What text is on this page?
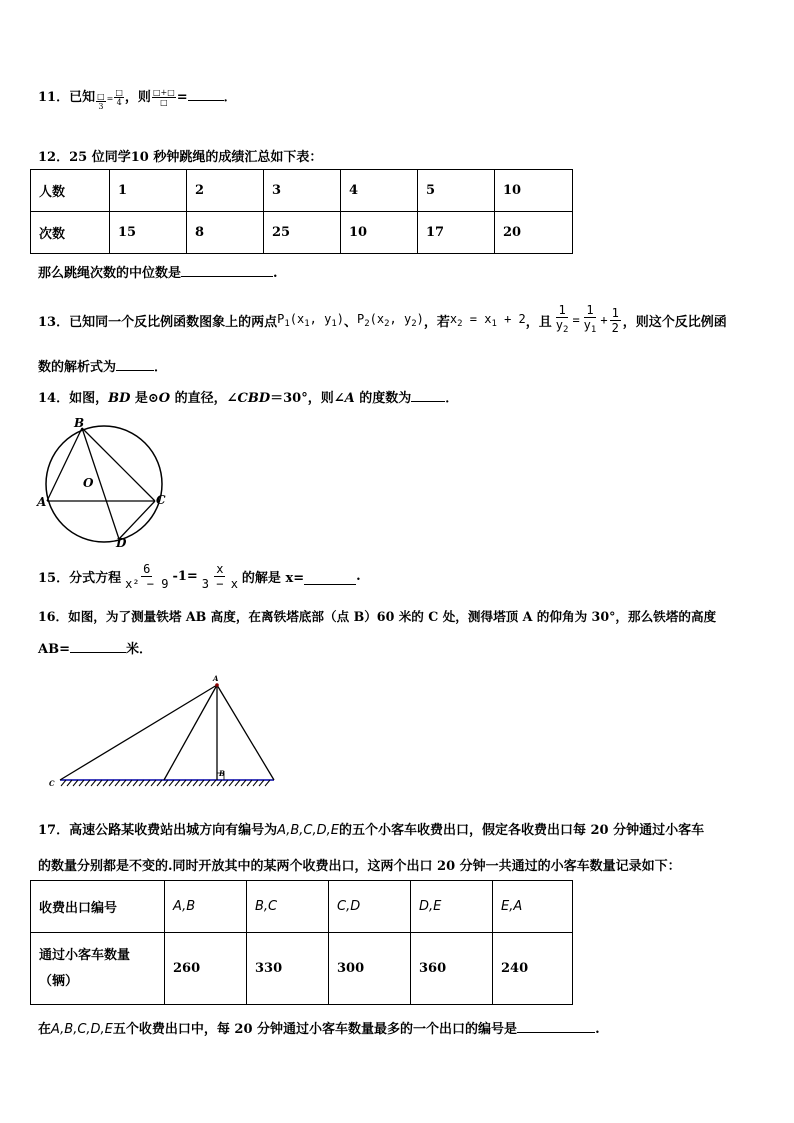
11．已知 $\frac{□}{3} = \frac{□}{4}$ ，则 $\frac{□+□}{□}$ =	．
12．25 位同学10 秒钟跳绳的成绩汇总如下表：
人数	1	2	3	4	5	10
次数	15	8	25	10	17	20
那么跳绳次数的中位数是	.
13．已知同一个反比例函数图象上的两点 $P_1(x_1$, $y_1$) 、 $P_2(x_2$, $y_2$) ，若 $x_2 = x_1 + 2$ ，且 $\frac{1}{y_2} = \frac{1}{y_1} + \frac{1}{2}$ ，则这个反比例函
数的解析式为	．
14．如图，BD 是⊙O 的直径，∠CBD＝30°，则∠A 的度数为	．
B
O
A	C
D
15．分式方程 $\frac{6}{\text{x² − 9}} -1= \frac{x}{3 - x}$ 的解是 x=	.
16．如图，为了测量铁塔 AB 高度，在离铁塔底部（点 B）60 米的 C 处，测得塔顶 A 的仰角为 30°，那么铁塔的高度
AB=	米．
A
B
C
17．高速公路某收费站出城方向有编号为A,B,C,D,E的五个小客车收费出口，假定各收费出口每 20 分钟通过小客车
的数量分别都是不变的.同时开放其中的某两个收费出口，这两个出口 20 分钟一共通过的小客车数量记录如下：
收费出口编号	A,B	B,C	C,D	D,E	E,A

通过小客车数量
（辆）	260	330	300	360	240
在A,B,C,D,E五个收费出口中，每 20 分钟通过小客车数量最多的一个出口的编号是	.
